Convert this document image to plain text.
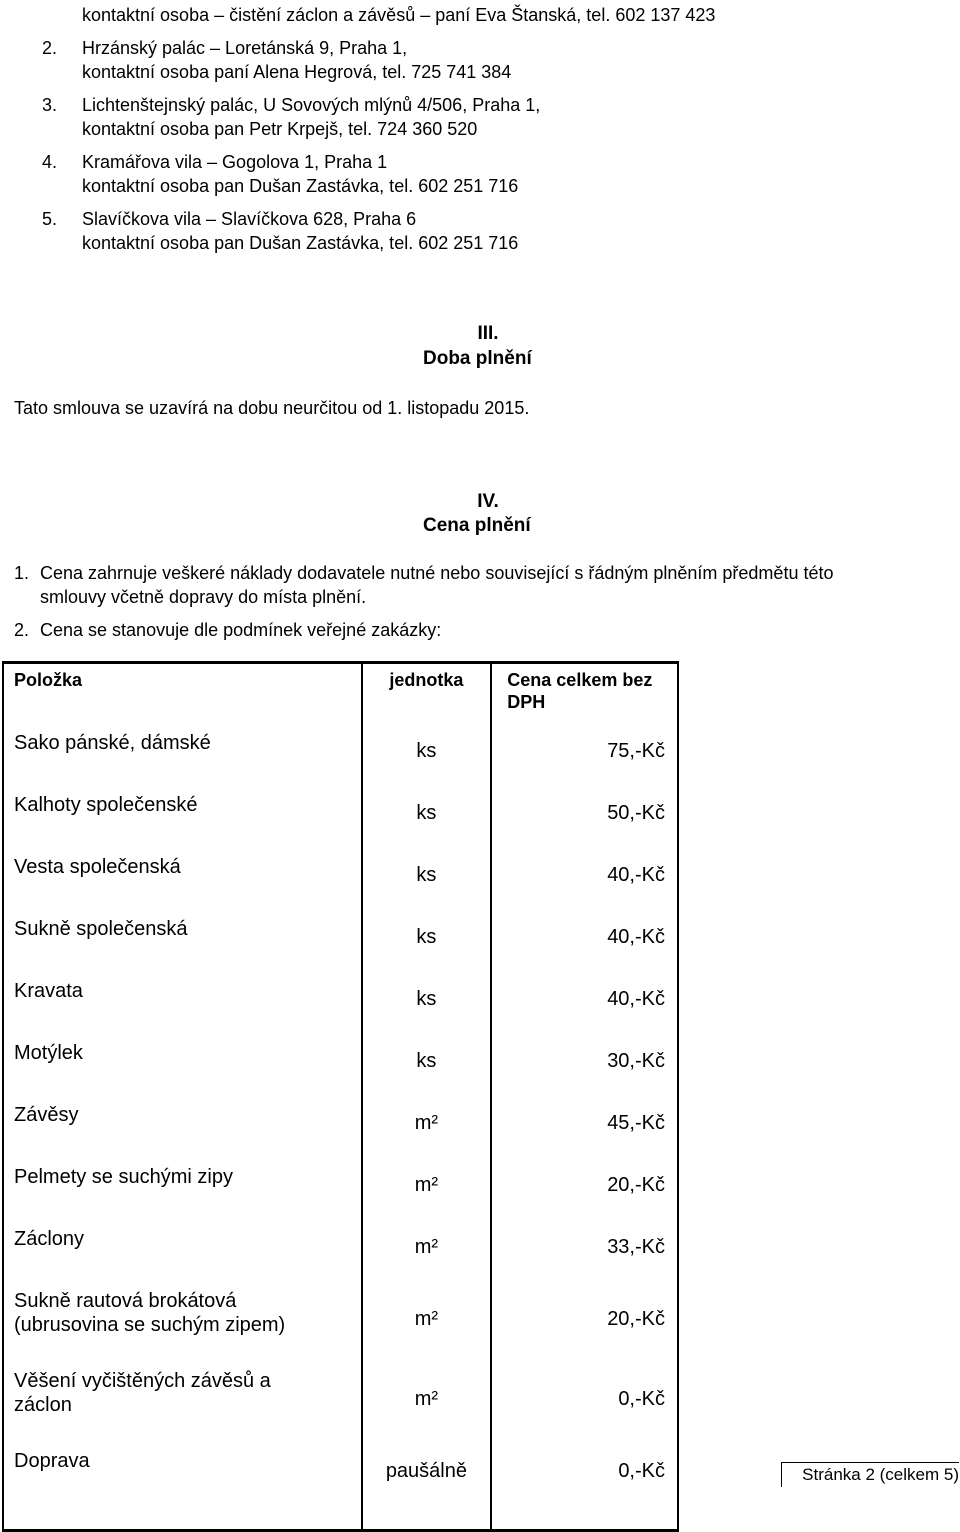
kontaktní osoba – čistění záclon a závěsů – paní Eva Štanská, tel. 602 137 423
2.	Hrzánský palác – Loretánská 9, Praha 1,
kontaktní osoba paní Alena Hegrová, tel. 725 741 384
3.	Lichtenštejnský palác, U Sovových mlýnů 4/506, Praha 1,
kontaktní osoba pan Petr Krpejš, tel. 724 360 520
4.	Kramářova vila – Gogolova 1, Praha 1
kontaktní osoba pan Dušan Zastávka, tel. 602 251 716
5.	Slavíčkova vila – Slavíčkova 628, Praha 6
kontaktní osoba pan Dušan Zastávka, tel. 602 251 716
III.
Doba plnění
Tato smlouva se uzavírá na dobu neurčitou od 1. listopadu 2015.
IV.
Cena plnění
1. Cena zahrnuje veškeré náklady dodavatele nutné nebo související s řádným plněním předmětu této
smlouvy včetně dopravy do místa plnění.
2. Cena se stanovuje dle podmínek veřejné zakázky:
Položka	jednotka	Cena celkem bez
DPH

Sako pánské, dámské	ks	75,-Kč
Kalhoty společenské	ks	50,-Kč
Vesta společenská	ks	40,-Kč
Sukně společenská	ks	40,-Kč
Kravata	ks	40,-Kč
Motýlek	ks	30,-Kč
Závěsy	m²	45,-Kč
Pelmety se suchými zipy	m²	20,-Kč
Záclony	m²	33,-Kč

Sukně rautová brokátová
(ubrusovina se suchým zipem)	m²	20,-Kč

Věšení vyčištěných závěsů a
záclon	m²	0,-Kč
Doprava	paušálně	0,-Kč	Stránka 2 (celkem 5)
